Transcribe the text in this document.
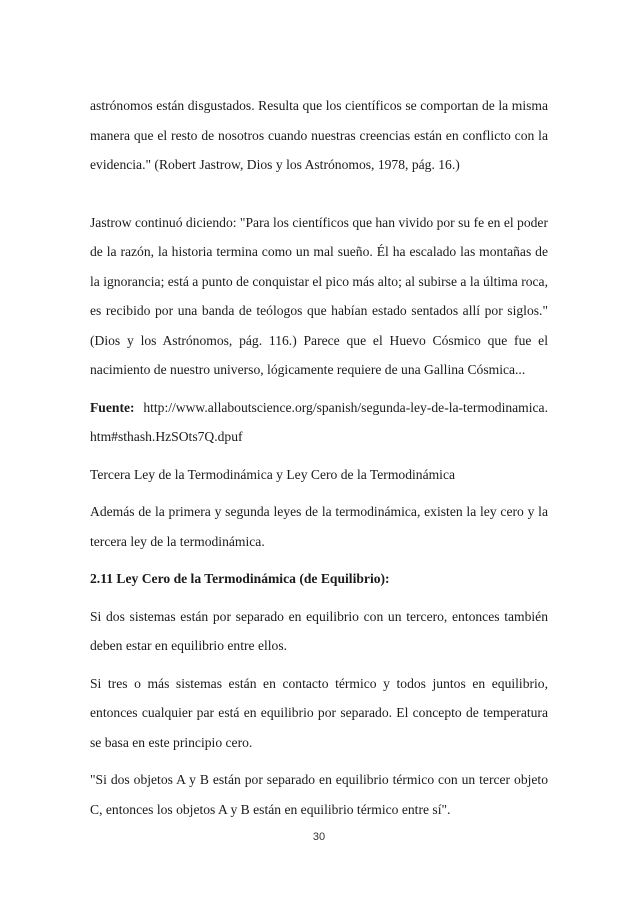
astrónomos están disgustados. Resulta que los científicos se comportan de la misma manera que el resto de nosotros cuando nuestras creencias están en conflicto con la evidencia." (Robert Jastrow, Dios y los Astrónomos, 1978, pág. 16.)

Jastrow continuó diciendo: "Para los científicos que han vivido por su fe en el poder de la razón, la historia termina como un mal sueño. Él ha escalado las montañas de la ignorancia; está a punto de conquistar el pico más alto; al subirse a la última roca, es recibido por una banda de teólogos que habían estado sentados allí por siglos." (Dios y los Astrónomos, pág. 116.) Parece que el Huevo Cósmico que fue el nacimiento de nuestro universo, lógicamente requiere de una Gallina Cósmica...

Fuente: http://www.allaboutscience.org/spanish/segunda-ley-de-la-termodinamica.htm#sthash.HzSOts7Q.dpuf

Tercera Ley de la Termodinámica y Ley Cero de la Termodinámica

Además de la primera y segunda leyes de la termodinámica, existen la ley cero y la tercera ley de la termodinámica.

2.11 Ley Cero de la Termodinámica (de Equilibrio):

Si dos sistemas están por separado en equilibrio con un tercero, entonces también deben estar en equilibrio entre ellos.

Si tres o más sistemas están en contacto térmico y todos juntos en equilibrio, entonces cualquier par está en equilibrio por separado. El concepto de temperatura se basa en este principio cero.

"Si dos objetos A y B están por separado en equilibrio térmico con un tercer objeto C, entonces los objetos A y B están en equilibrio térmico entre sí".

30
